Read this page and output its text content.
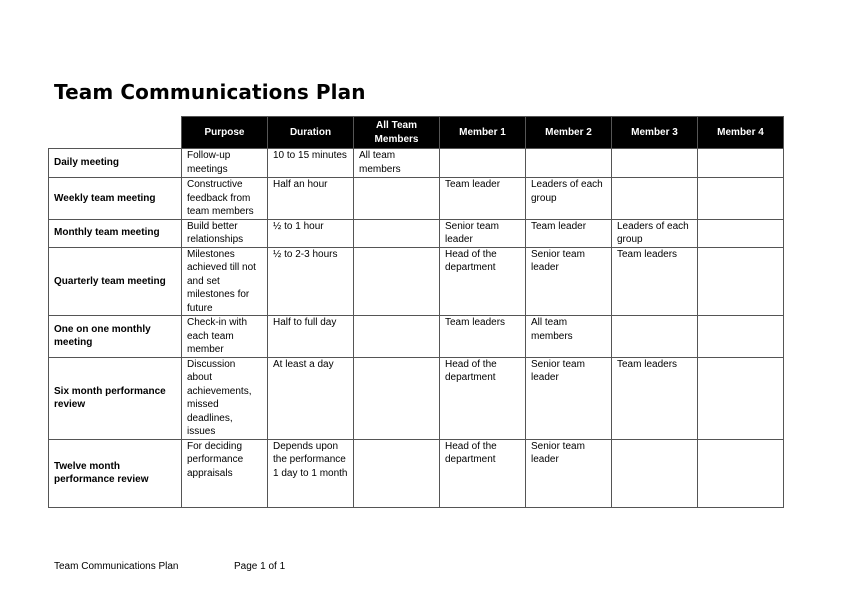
Team Communications Plan
	Purpose	Duration	All Team Members	Member 1	Member 2	Member 3	Member 4
Daily meeting	Follow-up meetings	10 to 15 minutes	All team members				
Weekly team meeting	Constructive feedback from team members	Half an hour		Team leader	Leaders of each group		
Monthly team meeting	Build better relationships	½ to 1 hour		Senior team leader	Team leader	Leaders of each group	
Quarterly team meeting	Milestones achieved till not and set milestones for future	½ to 2-3 hours		Head of the department	Senior team leader	Team leaders	
One on one monthly meeting	Check-in with each team member	Half to full day		Team leaders	All team members		
Six month performance review	Discussion about achievements, missed deadlines, issues	At least a day		Head of the department	Senior team leader	Team leaders	
Twelve month performance review	For deciding performance appraisals	Depends upon the performance 1 day to 1 month		Head of the department	Senior team leader		
Team Communications Plan	Page 1 of 1
